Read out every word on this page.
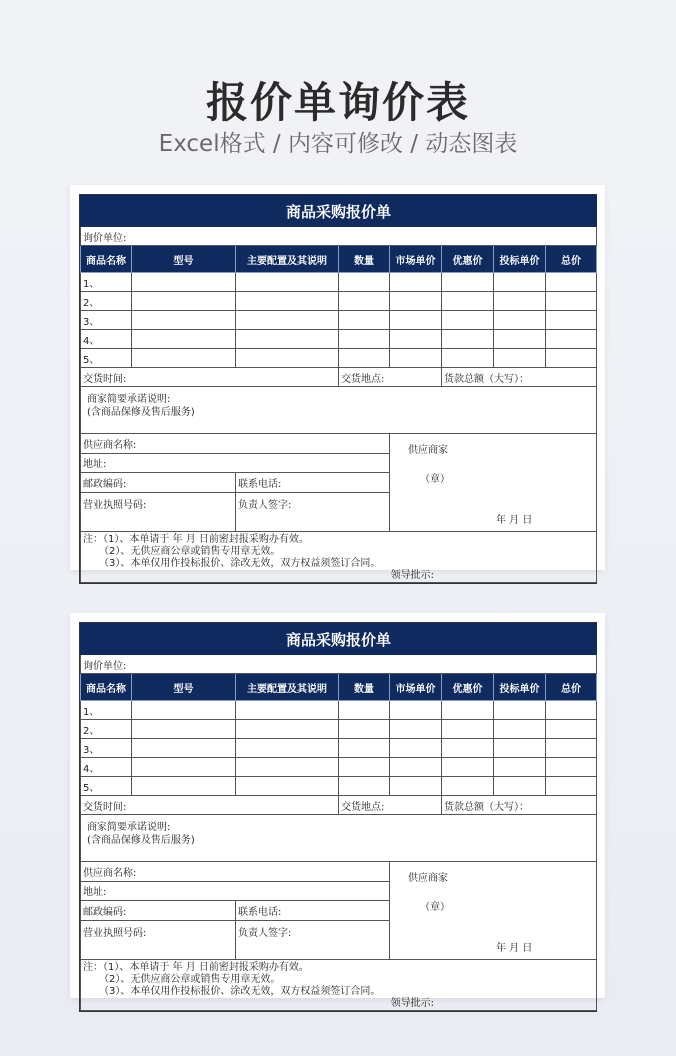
报价单询价表
Excel格式 / 内容可修改 / 动态图表
商品采购报价单							
询价单位:							
商品名称	型号	主要配置及其说明	数量	市场单价	优惠价	投标单价	总价
1、							
2、							
3、							
4、							
5、							
交货时间:			交货地点:		货款总额（大写）：		

商家简要承诺说明:
(含商品保修及售后服务)							

供应商名称:				供应商家
（章）
年 月 日			

地址:							
邮政编码:		联系电话:					
营业执照号码:		负责人签字:					

注：（1）、本单请于 年 月 日前密封报采购办有效。
（2）、无供应商公章或销售专用章无效。
（3）、本单仅用作投标报价、涂改无效，双方权益须签订合同。
领导批示:							
商品采购报价单							
询价单位:							
商品名称	型号	主要配置及其说明	数量	市场单价	优惠价	投标单价	总价
1、							
2、							
3、							
4、							
5、							
交货时间:			交货地点:		货款总额（大写）：		

商家简要承诺说明:
(含商品保修及售后服务)							

供应商名称:				供应商家
（章）
年 月 日			

地址:							
邮政编码:		联系电话:					
营业执照号码:		负责人签字:					

注：（1）、本单请于 年 月 日前密封报采购办有效。
（2）、无供应商公章或销售专用章无效。
（3）、本单仅用作投标报价、涂改无效，双方权益须签订合同。
领导批示:							
